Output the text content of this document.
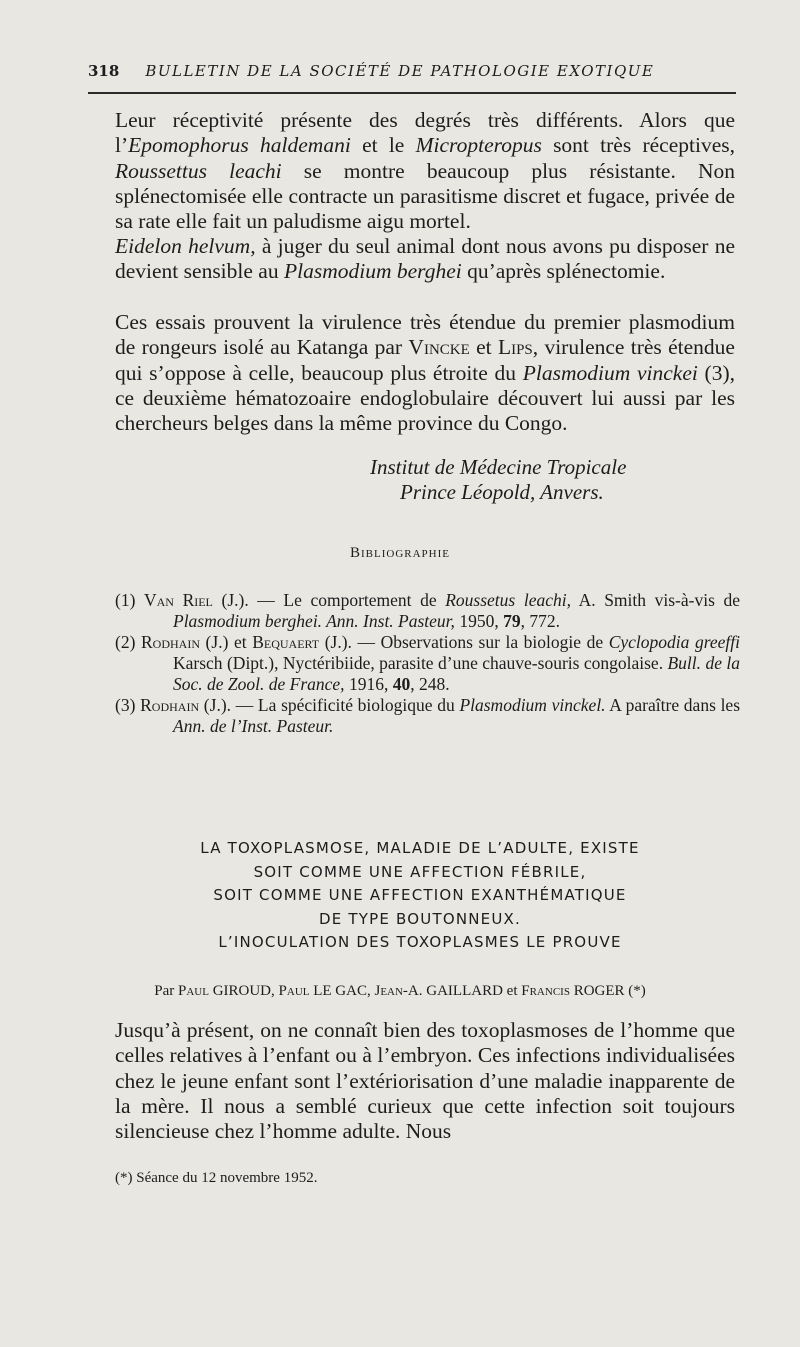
318 BULLETIN DE LA SOCIÉTÉ DE PATHOLOGIE EXOTIQUE

Leur réceptivité présente des degrés très différents. Alors que l’Epomophorus haldemani et le Micropteropus sont très réceptives, Roussettus leachi se montre beaucoup plus résistante. Non splénectomisée elle contracte un parasitisme discret et fugace, privée de sa rate elle fait un paludisme aigu mortel.

Eidelon helvum, à juger du seul animal dont nous avons pu disposer ne devient sensible au Plasmodium berghei qu’après splénectomie.

Ces essais prouvent la virulence très étendue du premier plasmodium de rongeurs isolé au Katanga par Vincke et Lips, virulence très étendue qui s’oppose à celle, beaucoup plus étroite du Plasmodium vinckei (3), ce deuxième hématozoaire endoglobulaire découvert lui aussi par les chercheurs belges dans la même province du Congo.

Institut de Médecine Tropicale
Prince Léopold, Anvers.
Bibliographie
(1) Van Riel (J.). — Le comportement de Roussetus leachi, A. Smith vis-à-vis de Plasmodium berghei. Ann. Inst. Pasteur, 1950, 79, 772.
(2) Rodhain (J.) et Bequaert (J.). — Observations sur la biologie de Cyclopodia greeffi Karsch (Dipt.), Nyctéribiide, parasite d’une chauve-souris congolaise. Bull. de la Soc. de Zool. de France, 1916, 40, 248.
(3) Rodhain (J.). — La spécificité biologique du Plasmodium vinckel. A paraître dans les Ann. de l’Inst. Pasteur.
LA TOXOPLASMOSE, MALADIE DE L’ADULTE, EXISTE
SOIT COMME UNE AFFECTION FÉBRILE,
SOIT COMME UNE AFFECTION EXANTHÉMATIQUE
DE TYPE BOUTONNEUX.
L’INOCULATION DES TOXOPLASMES LE PROUVE
Par Paul GIROUD, Paul LE GAC, Jean-A. GAILLARD et Francis ROGER (*)

Jusqu’à présent, on ne connaît bien des toxoplasmoses de l’homme que celles relatives à l’enfant ou à l’embryon. Ces infections individualisées chez le jeune enfant sont l’extériorisation d’une maladie inapparente de la mère. Il nous a semblé curieux que cette infection soit toujours silencieuse chez l’homme adulte. Nous

(*) Séance du 12 novembre 1952.
